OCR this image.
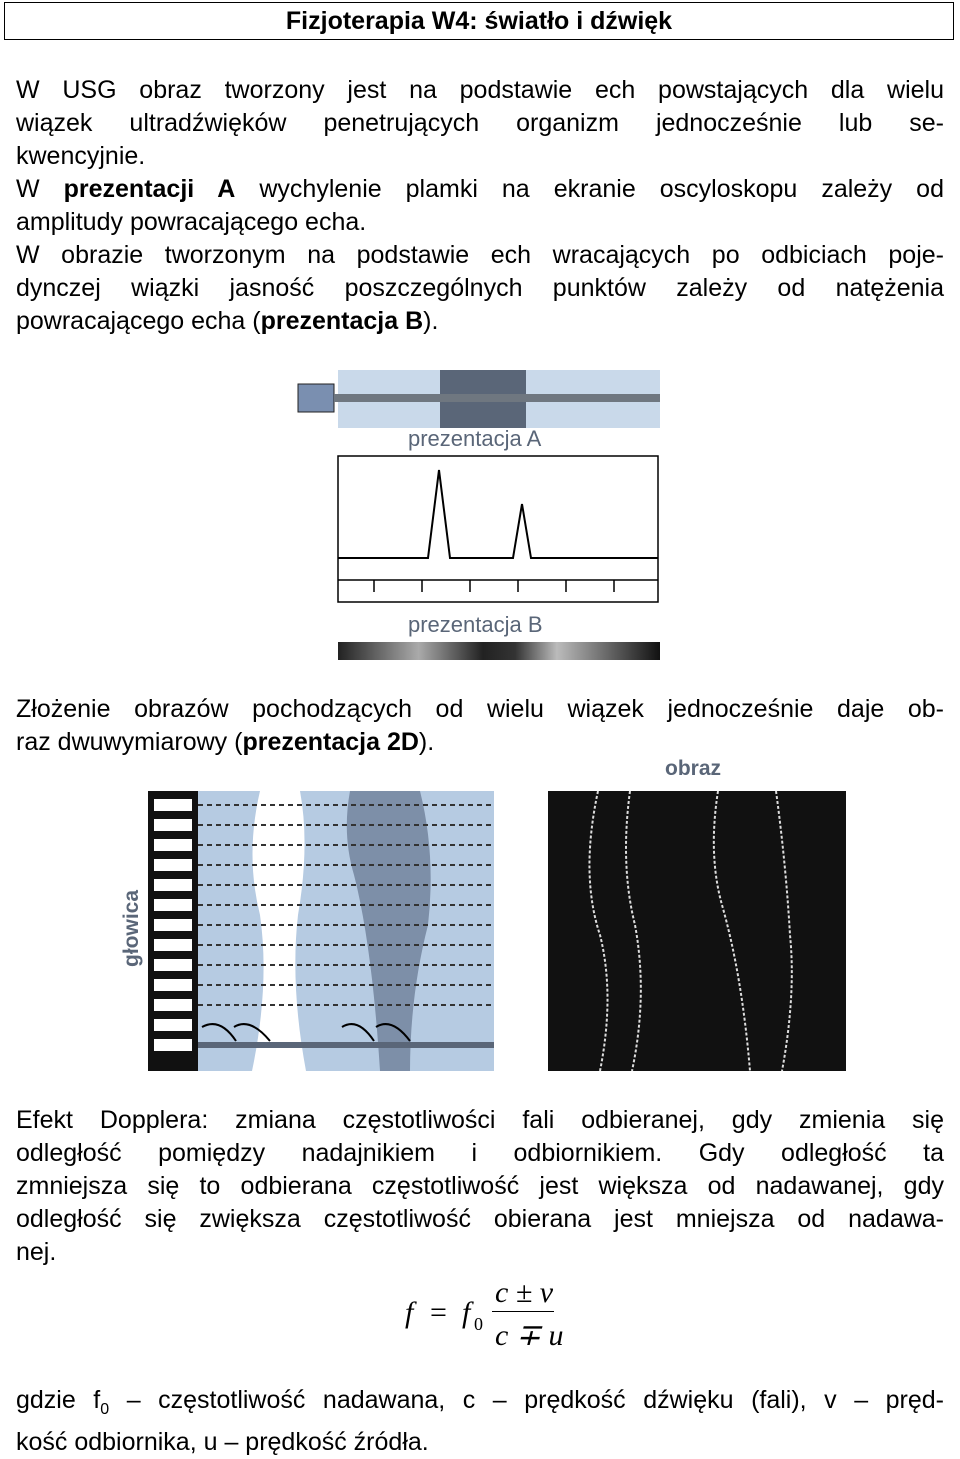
Fizjoterapia W4: światło i dźwięk
W USG obraz tworzony jest na podstawie ech powstających dla wielu
wiązek ultradźwięków penetrujących organizm jednocześnie lub se-
kwencyjnie.
W prezentacji A wychylenie plamki na ekranie oscyloskopu zależy od
amplitudy powracającego echa.
W obrazie tworzonym na podstawie ech wracających po odbiciach poje-
dynczej wiązki jasność poszczególnych punktów zależy od natężenia
powracającego echa (prezentacja B).
prezentacja A
prezentacja B
Złożenie obrazów pochodzących od wielu wiązek jednocześnie daje ob-
raz dwuwymiarowy (prezentacja 2D).
obraz
głowica
Efekt Dopplera: zmiana częstotliwości fali odbieranej, gdy zmienia się
odległość pomiędzy nadajnikiem i odbiornikiem. Gdy odległość ta
zmniejsza się to odbierana częstotliwość jest większa od nadawanej, gdy
odległość się zwiększa częstotliwość obierana jest mniejsza od nadawa-
nej.
f = f 0
c ± v
c ∓ u
gdzie $f_0$ – częstotliwość nadawana, c – prędkość dźwięku (fali), v – pręd-
kość odbiornika, u – prędkość źródła.
